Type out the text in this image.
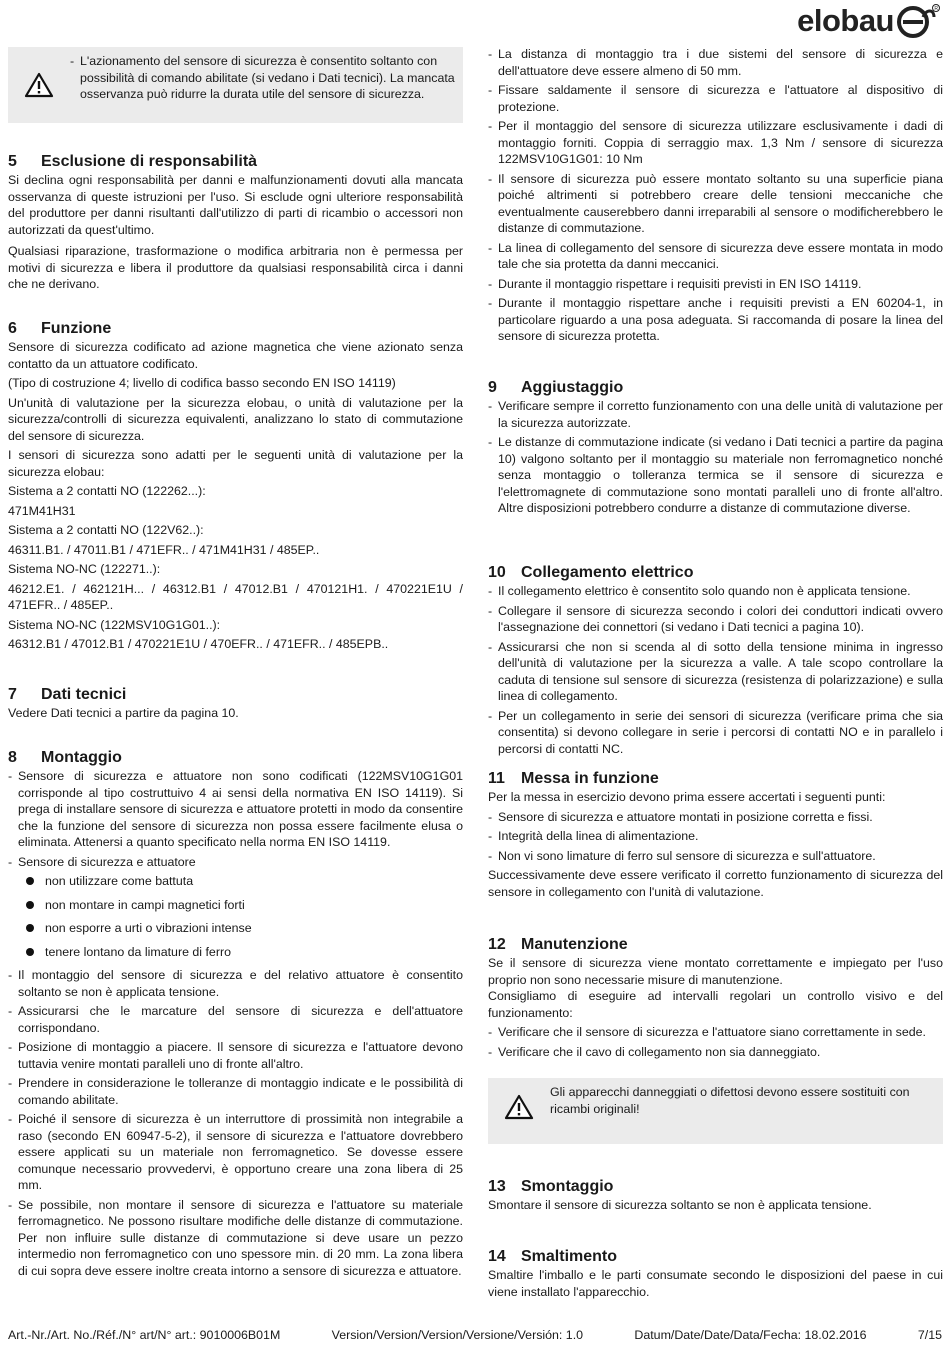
elobau	R
- L'azionamento del sensore di sicurezza è consentito soltanto con possibilità di comando abilitate (si vedano i Dati tecnici). La mancata osservanza può ridurre la durata utile del sensore di sicurezza.
5 Esclusione di responsabilità

Si declina ogni responsabilità per danni e malfunzionamenti dovuti alla mancata osservanza di queste istruzioni per l'uso. Si esclude ogni ulteriore responsabilità del produttore per danni risultanti dall'utilizzo di parti di ricambio o accessori non autorizzati da quest'ultimo.

Qualsiasi riparazione, trasformazione o modifica arbitraria non è permessa per motivi di sicurezza e libera il produttore da qualsiasi responsabilità circa i danni che ne derivano.

6 Funzione

Sensore di sicurezza codificato ad azione magnetica che viene azionato senza contatto da un attuatore codificato.

(Tipo di costruzione 4; livello di codifica basso secondo EN ISO 14119)

Un'unità di valutazione per la sicurezza elobau, o unità di valutazione per la sicurezza/controlli di sicurezza equivalenti, analizzano lo stato di commutazione del sensore di sicurezza.

I sensori di sicurezza sono adatti per le seguenti unità di valutazione per la sicurezza elobau:

Sistema a 2 contatti NO (122262...):

471M41H31

Sistema a 2 contatti NO (122V62..):

46311.B1. / 47011.B1 / 471EFR.. / 471M41H31 / 485EP..

Sistema NO-NC (122271..):

46212.E1. / 462121H... / 46312.B1 / 47012.B1 / 470121H1. / 470221E1U / 471EFR.. / 485EP..

Sistema NO-NC (122MSV10G1G01..):

46312.B1 / 47012.B1 / 470221E1U / 470EFR.. / 471EFR.. / 485EPB..

7 Dati tecnici

Vedere Dati tecnici a partire da pagina 10.

8 Montaggio
- Sensore di sicurezza e attuatore non sono codificati (122MSV10G1G01 corrisponde al tipo costruttuivo 4 ai sensi della normativa EN ISO 14119). Si prega di installare sensore di sicurezza e attuatore protetti in modo da consentire che la funzione del sensore di sicurezza non possa essere facilmente elusa o eliminata. Attenersi a quanto specificato nella norma EN ISO 14119.
- Sensore di sicurezza e attuatore
non utilizzare come battuta
non montare in campi magnetici forti
non esporre a urti o vibrazioni intense
tenere lontano da limature di ferro
- Il montaggio del sensore di sicurezza e del relativo attuatore è consentito soltanto se non è applicata tensione.
- Assicurarsi che le marcature del sensore di sicurezza e dell'attuatore corrispondano.
- Posizione di montaggio a piacere. Il sensore di sicurezza e l'attuatore devono tuttavia venire montati paralleli uno di fronte all'altro.
- Prendere in considerazione le tolleranze di montaggio indicate e le possibilità di comando abilitate.
- Poiché il sensore di sicurezza è un interruttore di prossimità non integrabile a raso (secondo EN 60947-5-2), il sensore di sicurezza e l'attuatore dovrebbero essere applicati su un materiale non ferromagnetico. Se dovesse essere comunque necessario provvedervi, è opportuno creare una zona libera di 25 mm.
- Se possibile, non montare il sensore di sicurezza e l'attuatore su materiale ferromagnetico. Ne possono risultare modifiche delle distanze di commutazione. Per non influire sulle distanze di commutazione si deve usare un pezzo intermedio non ferromagnetico con uno spessore min. di 20 mm. La zona libera di cui sopra deve essere inoltre creata intorno a sensore di sicurezza e attuatore.
- La distanza di montaggio tra i due sistemi del sensore di sicurezza e dell'attuatore deve essere almeno di 50 mm.
- Fissare saldamente il sensore di sicurezza e l'attuatore al dispositivo di protezione.
- Per il montaggio del sensore di sicurezza utilizzare esclusivamente i dadi di montaggio forniti. Coppia di serraggio max. 1,3 Nm / sensore di sicurezza 122MSV10G1G01: 10 Nm
- Il sensore di sicurezza può essere montato soltanto su una superficie piana poiché altrimenti si potrebbero creare delle tensioni meccaniche che eventualmente causerebbero danni irreparabili al sensore o modificherebbero le distanze di commutazione.
- La linea di collegamento del sensore di sicurezza deve essere montata in modo tale che sia protetta da danni meccanici.
- Durante il montaggio rispettare i requisiti previsti in EN ISO 14119.
- Durante il montaggio rispettare anche i requisiti previsti a EN 60204-1, in particolare riguardo a una posa adeguata. Si raccomanda di posare la linea del sensore di sicurezza protetta.
9 Aggiustaggio
- Verificare sempre il corretto funzionamento con una delle unità di valutazione per la sicurezza autorizzate.
- Le distanze di commutazione indicate (si vedano i Dati tecnici a partire da pagina 10) valgono soltanto per il montaggio su materiale non ferromagnetico nonché senza montaggio o tolleranza termica se il sensore di sicurezza e l'elettromagnete di commutazione sono montati paralleli uno di fronte all'altro. Altre disposizioni potrebbero condurre a distanze di commutazione diverse.
10 Collegamento elettrico
- Il collegamento elettrico è consentito solo quando non è applicata tensione.
- Collegare il sensore di sicurezza secondo i colori dei conduttori indicati ovvero l'assegnazione dei connettori (si vedano i Dati tecnici a pagina 10).
- Assicurarsi che non si scenda al di sotto della tensione minima in ingresso dell'unità di valutazione per la sicurezza a valle. A tale scopo controllare la caduta di tensione sul sensore di sicurezza (resistenza di polarizzazione) e sulla linea di collegamento.
- Per un collegamento in serie dei sensori di sicurezza (verificare prima che sia consentita) si devono collegare in serie i percorsi di contatti NO e in parallelo i percorsi di contatti NC.
11 Messa in funzione

Per la messa in esercizio devono prima essere accertati i seguenti punti:

- Sensore di sicurezza e attuatore montati in posizione corretta e fissi.
- Integrità della linea di alimentazione.
- Non vi sono limature di ferro sul sensore di sicurezza e sull'attuatore.

Successivamente deve essere verificato il corretto funzionamento di sicurezza del sensore in collegamento con l'unità di valutazione.

12 Manutenzione

Se il sensore di sicurezza viene montato correttamente e impiegato per l'uso proprio non sono necessarie misure di manutenzione.

Consigliamo di eseguire ad intervalli regolari un controllo visivo e del funzionamento:

- Verificare che il sensore di sicurezza e l'attuatore siano correttamente in sede.
- Verificare che il cavo di collegamento non sia danneggiato.
Gli apparecchi danneggiati o difettosi devono essere sostituiti con ricambi originali!
13 Smontaggio

Smontare il sensore di sicurezza soltanto se non è applicata tensione.

14 Smaltimento

Smaltire l'imballo e le parti consumate secondo le disposizioni del paese in cui viene installato l'apparecchio.

Art.-Nr./Art. No./Réf./N° art/N° art.: 9010006B01M	Version/Version/Version/Versione/Versión: 1.0	Datum/Date/Date/Data/Fecha: 18.02.2016	7/15
